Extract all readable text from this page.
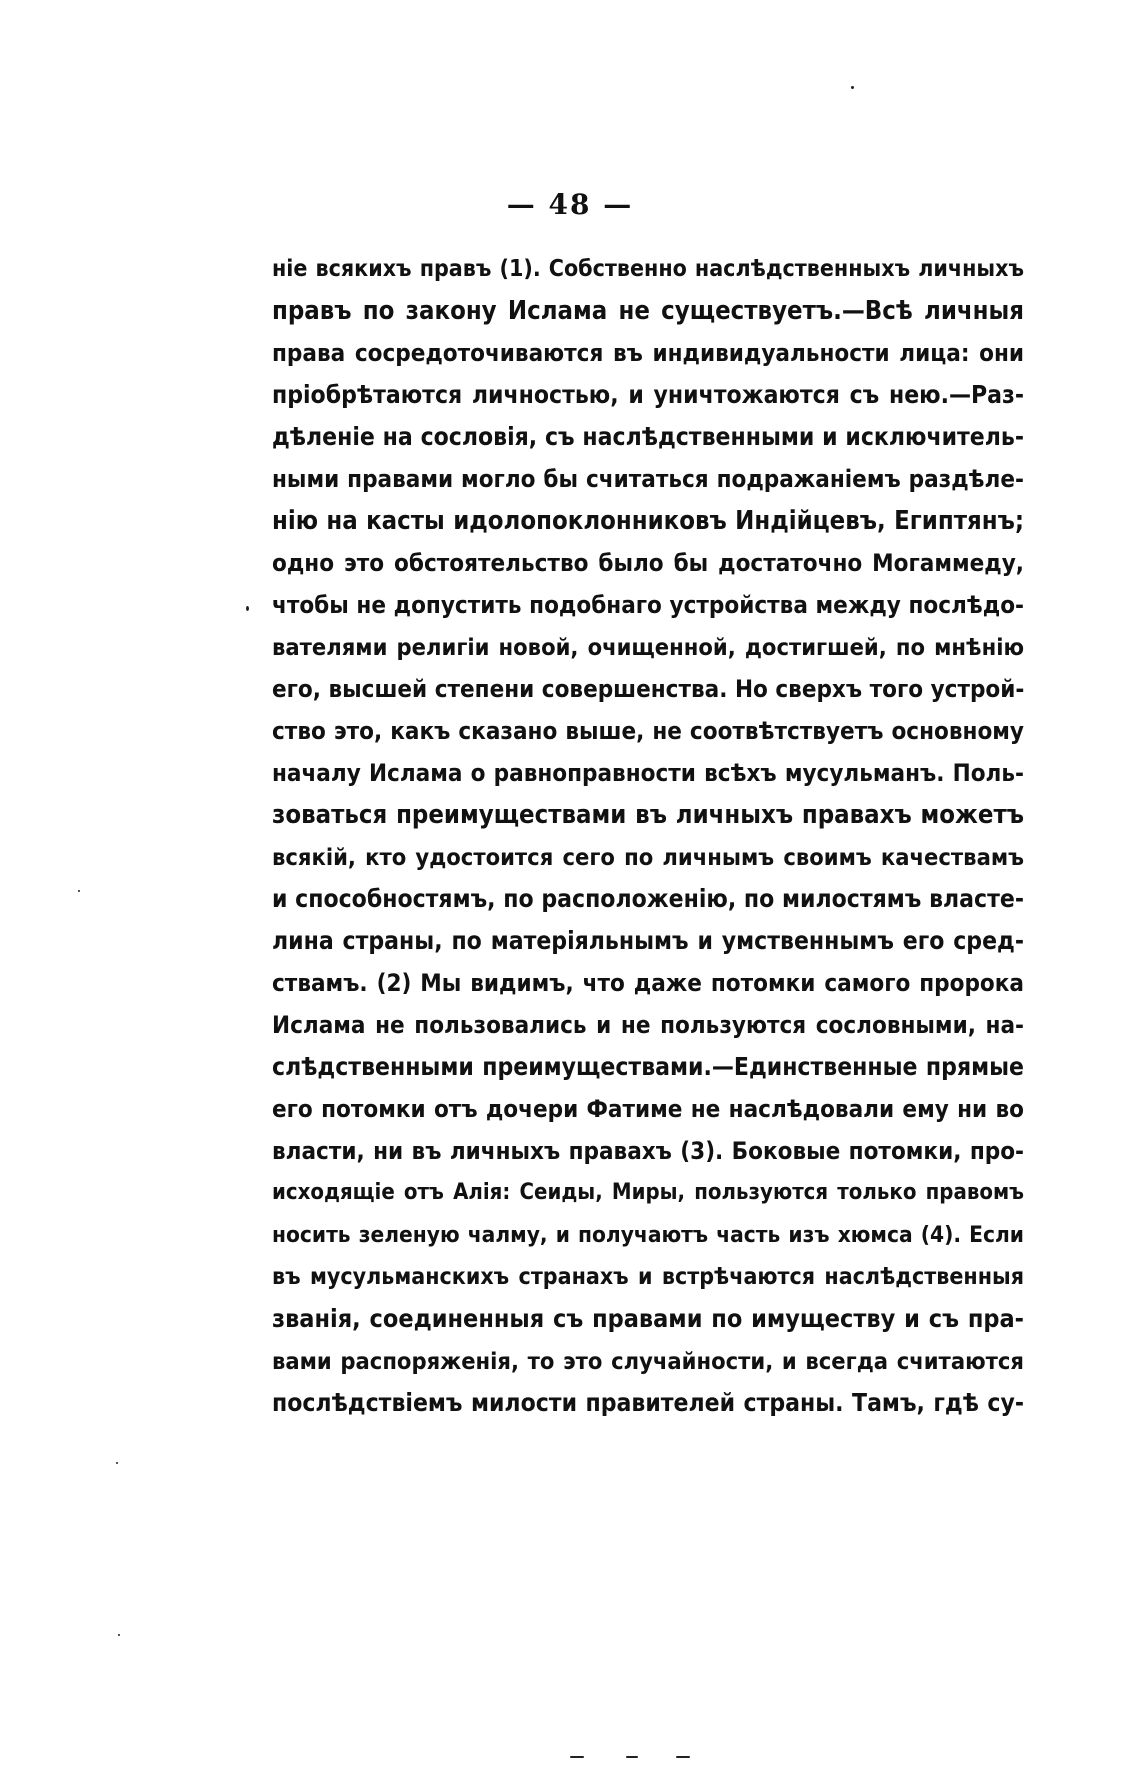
— 48 —
ніе всякихъ правъ (1). Собственно наслѣдственныхъ личныхъ
правъ по закону Ислама не существуетъ.—Всѣ личныя
права сосредоточиваются въ индивидуальности лица: они
пріобрѣтаются личностью, и уничтожаются съ нею.—Раз-
дѣленіе на сословія, съ наслѣдственными и исключитель-
ными правами могло бы считаться подражаніемъ раздѣле-
нію на касты идолопоклонниковъ Индійцевъ, Египтянъ;
одно это обстоятельство было бы достаточно Могаммеду,
чтобы не допустить подобнаго устройства между послѣдо-
вателями религіи новой, очищенной, достигшей, по мнѣнію
его, высшей степени совершенства. Но сверхъ того устрой-
ство это, какъ сказано выше, не соотвѣтствуетъ основному
началу Ислама о равноправности всѣхъ мусульманъ. Поль-
зоваться преимуществами въ личныхъ правахъ можетъ
всякій, кто удостоится сего по личнымъ своимъ качествамъ
и способностямъ, по расположенію, по милостямъ власте-
лина страны, по матеріяльнымъ и умственнымъ его сред-
ствамъ. (2) Мы видимъ, что даже потомки самого пророка
Ислама не пользовались и не пользуются сословными, на-
слѣдственными преимуществами.—Единственные прямые
его потомки отъ дочери Фатиме не наслѣдовали ему ни во
власти, ни въ личныхъ правахъ (3). Боковые потомки, про-
исходящіе отъ Алія: Сеиды, Миры, пользуются только правомъ
носить зеленую чалму, и получаютъ часть изъ хюмса (4). Если
въ мусульманскихъ странахъ и встрѣчаются наслѣдственныя
званія, соединенныя съ правами по имуществу и съ пра-
вами распоряженія, то это случайности, и всегда считаются
послѣдствіемъ милости правителей страны. Тамъ, гдѣ су-
